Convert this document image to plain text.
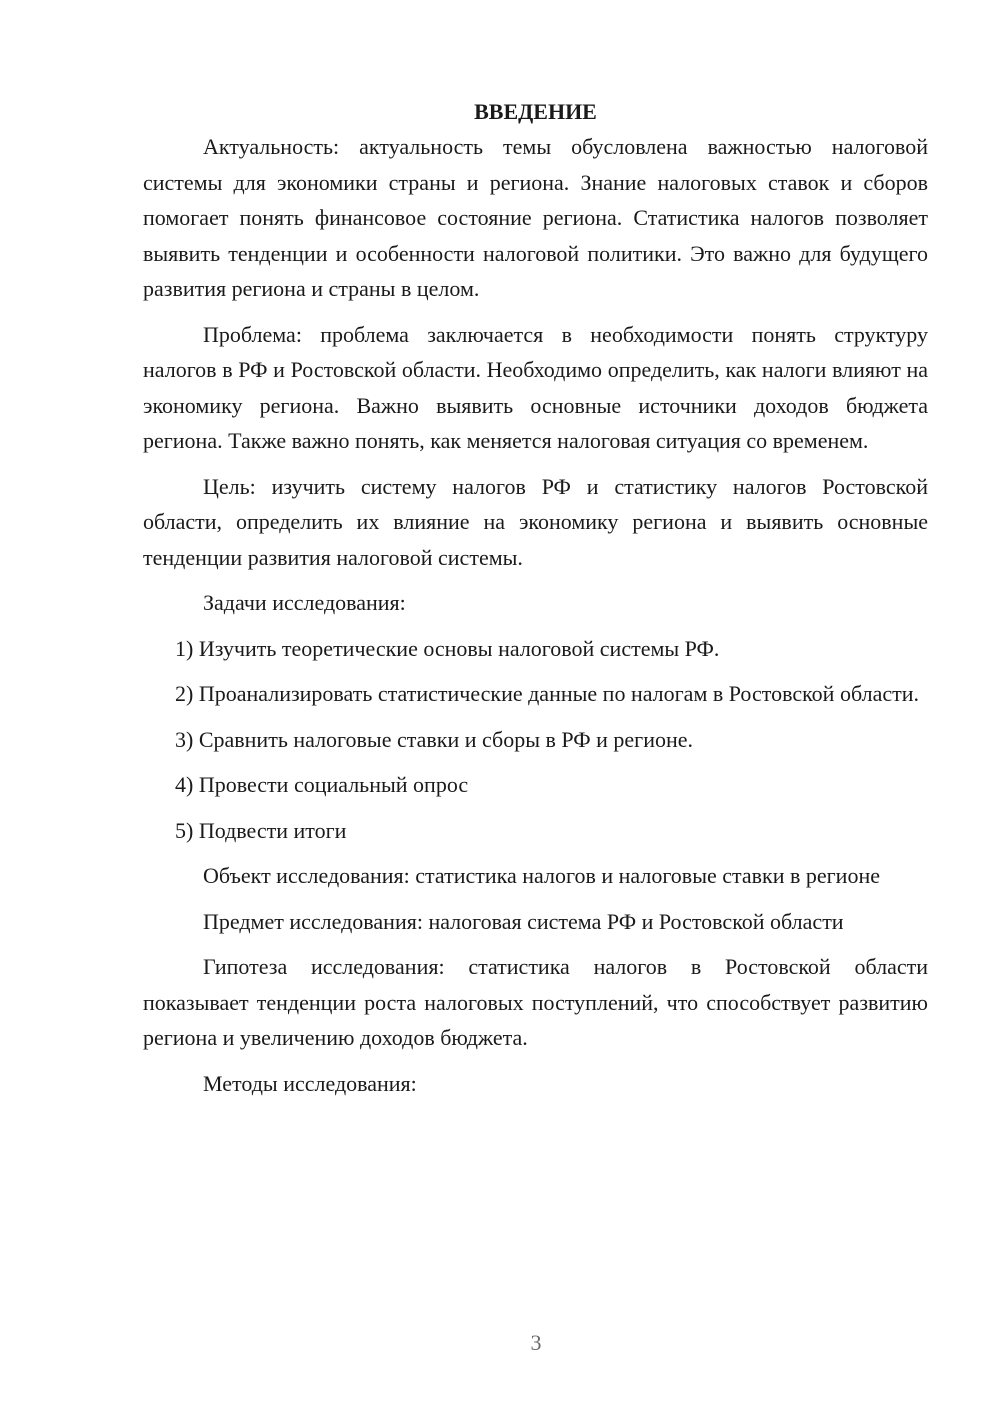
ВВЕДЕНИЕ

Актуальность: актуальность темы обусловлена важностью налоговой системы для экономики страны и региона. Знание налоговых ставок и сборов помогает понять финансовое состояние региона. Статистика налогов позволяет выявить тенденции и особенности налоговой политики. Это важно для будущего развития региона и страны в целом.

Проблема: проблема заключается в необходимости понять структуру налогов в РФ и Ростовской области. Необходимо определить, как налоги влияют на экономику региона. Важно выявить основные источники доходов бюджета региона. Также важно понять, как меняется налоговая ситуация со временем.

Цель: изучить систему налогов РФ и статистику налогов Ростовской области, определить их влияние на экономику региона и выявить основные тенденции развития налоговой системы.

Задачи исследования:

1) Изучить теоретические основы налоговой системы РФ.

2) Проанализировать статистические данные по налогам в Ростовской области.

3) Сравнить налоговые ставки и сборы в РФ и регионе.

4) Провести социальный опрос

5) Подвести итоги

Объект исследования: статистика налогов и налоговые ставки в регионе

Предмет исследования: налоговая система РФ и Ростовской области

Гипотеза исследования: статистика налогов в Ростовской области показывает тенденции роста налоговых поступлений, что способствует развитию региона и увеличению доходов бюджета.

Методы исследования:

3
